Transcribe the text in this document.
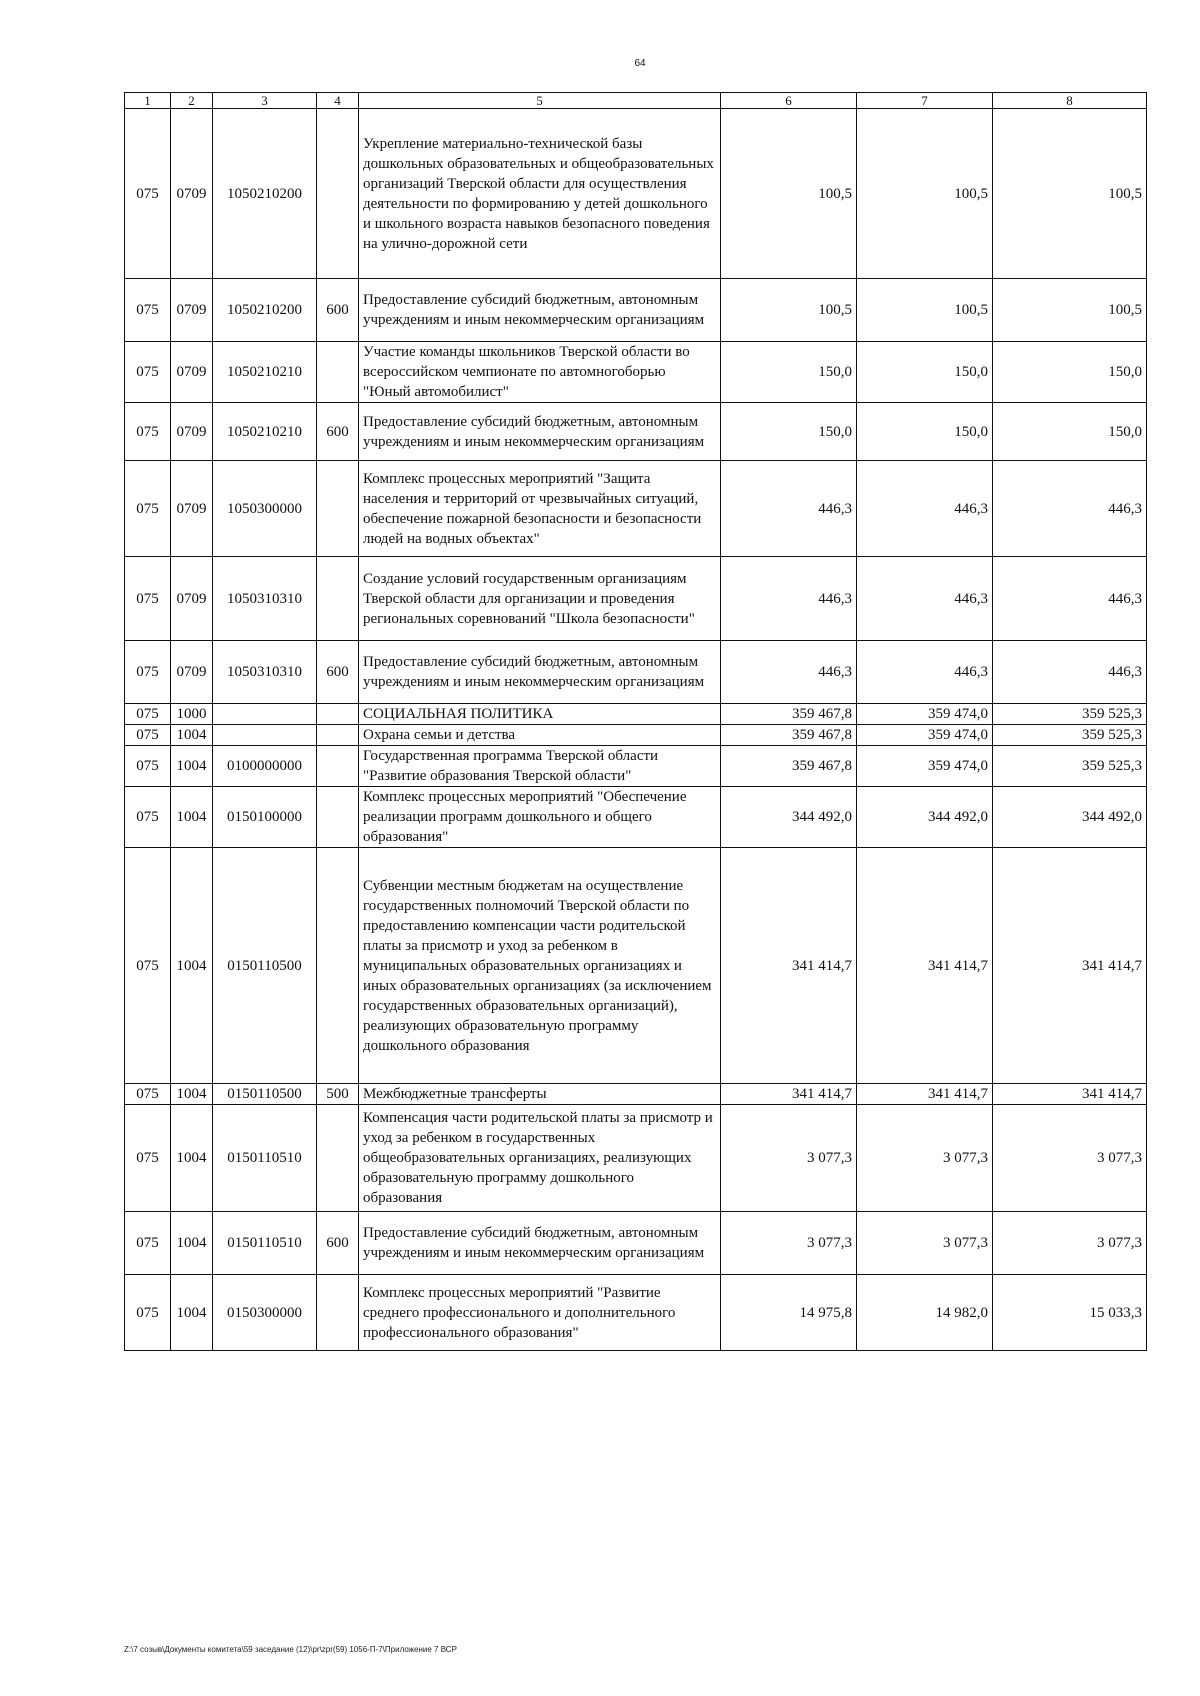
64
1	2	3	4	5	6	7	8
075	0709	1050210200		Укрепление материально-технической базы дошкольных образовательных и общеобразовательных организаций Тверской области для осуществления деятельности по формированию у детей дошкольного и школьного возраста навыков безопасного поведения на улично-дорожной сети	100,5	100,5	100,5
075	0709	1050210200	600	Предоставление субсидий бюджетным, автономным учреждениям и иным некоммерческим организациям	100,5	100,5	100,5
075	0709	1050210210		Участие команды школьников Тверской области во всероссийском чемпионате по автомногоборью "Юный автомобилист"	150,0	150,0	150,0
075	0709	1050210210	600	Предоставление субсидий бюджетным, автономным учреждениям и иным некоммерческим организациям	150,0	150,0	150,0
075	0709	1050300000		Комплекс процессных мероприятий "Защита населения и территорий от чрезвычайных ситуаций, обеспечение пожарной безопасности и безопасности людей на водных объектах"	446,3	446,3	446,3
075	0709	1050310310		Создание условий государственным организациям Тверской области для организации и проведения региональных соревнований "Школа безопасности"	446,3	446,3	446,3
075	0709	1050310310	600	Предоставление субсидий бюджетным, автономным учреждениям и иным некоммерческим организациям	446,3	446,3	446,3
075	1000			СОЦИАЛЬНАЯ ПОЛИТИКА	359 467,8	359 474,0	359 525,3
075	1004			Охрана семьи и детства	359 467,8	359 474,0	359 525,3
075	1004	0100000000		Государственная программа Тверской области "Развитие образования Тверской области"	359 467,8	359 474,0	359 525,3
075	1004	0150100000		Комплекс процессных мероприятий "Обеспечение реализации программ дошкольного и общего образования"	344 492,0	344 492,0	344 492,0
075	1004	0150110500		Субвенции местным бюджетам на осуществление государственных полномочий Тверской области по предоставлению компенсации части родительской платы за присмотр и уход за ребенком в муниципальных образовательных организациях и иных образовательных организациях (за исключением государственных образовательных организаций), реализующих образовательную программу дошкольного образования	341 414,7	341 414,7	341 414,7
075	1004	0150110500	500	Межбюджетные трансферты	341 414,7	341 414,7	341 414,7
075	1004	0150110510		Компенсация части родительской платы за присмотр и уход за ребенком в государственных общеобразовательных организациях, реализующих образовательную программу дошкольного образования	3 077,3	3 077,3	3 077,3
075	1004	0150110510	600	Предоставление субсидий бюджетным, автономным учреждениям и иным некоммерческим организациям	3 077,3	3 077,3	3 077,3
075	1004	0150300000		Комплекс процессных мероприятий "Развитие среднего профессионального и дополнительного профессионального образования"	14 975,8	14 982,0	15 033,3
Z:\7 созыв\Документы комитета\59 заседание (12)\pr\zpr(59) 1056-П-7\Приложение 7 ВСР
